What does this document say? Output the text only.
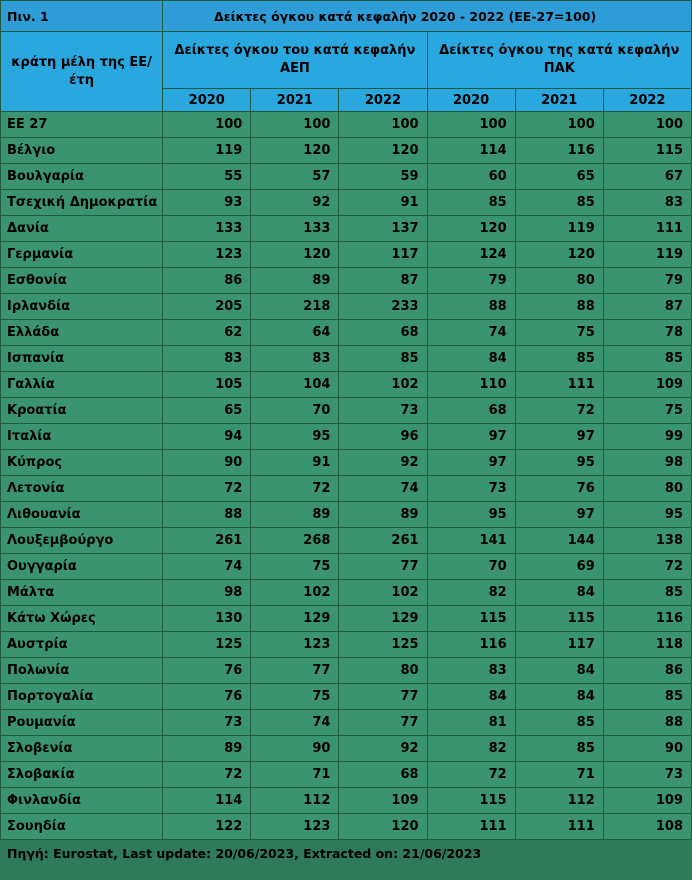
Πιν. 1	Δείκτες όγκου κατά κεφαλήν 2020 - 2022 (ΕΕ-27=100)					
κράτη μέλη της ΕΕ/ έτη	Δείκτες όγκου του κατά κεφαλήν ΑΕΠ			Δείκτες όγκου της κατά κεφαλήν ΠΑΚ		
	2020	2021	2022	2020	2021	2022
ΕΕ 27	100	100	100	100	100	100
Βέλγιο	119	120	120	114	116	115
Βουλγαρία	55	57	59	60	65	67
Τσεχική Δημοκρατία	93	92	91	85	85	83
Δανία	133	133	137	120	119	111
Γερμανία	123	120	117	124	120	119
Εσθονία	86	89	87	79	80	79
Ιρλανδία	205	218	233	88	88	87
Ελλάδα	62	64	68	74	75	78
Ισπανία	83	83	85	84	85	85
Γαλλία	105	104	102	110	111	109
Κροατία	65	70	73	68	72	75
Ιταλία	94	95	96	97	97	99
Κύπρος	90	91	92	97	95	98
Λετονία	72	72	74	73	76	80
Λιθουανία	88	89	89	95	97	95
Λουξεμβούργο	261	268	261	141	144	138
Ουγγαρία	74	75	77	70	69	72
Μάλτα	98	102	102	82	84	85
Κάτω Χώρες	130	129	129	115	115	116
Αυστρία	125	123	125	116	117	118
Πολωνία	76	77	80	83	84	86
Πορτογαλία	76	75	77	84	84	85
Ρουμανία	73	74	77	81	85	88
Σλοβενία	89	90	92	82	85	90
Σλοβακία	72	71	68	72	71	73
Φινλανδία	114	112	109	115	112	109
Σουηδία	122	123	120	111	111	108
Πηγή: Eurostat, Last update: 20/06/2023, Extracted on: 21/06/2023						
